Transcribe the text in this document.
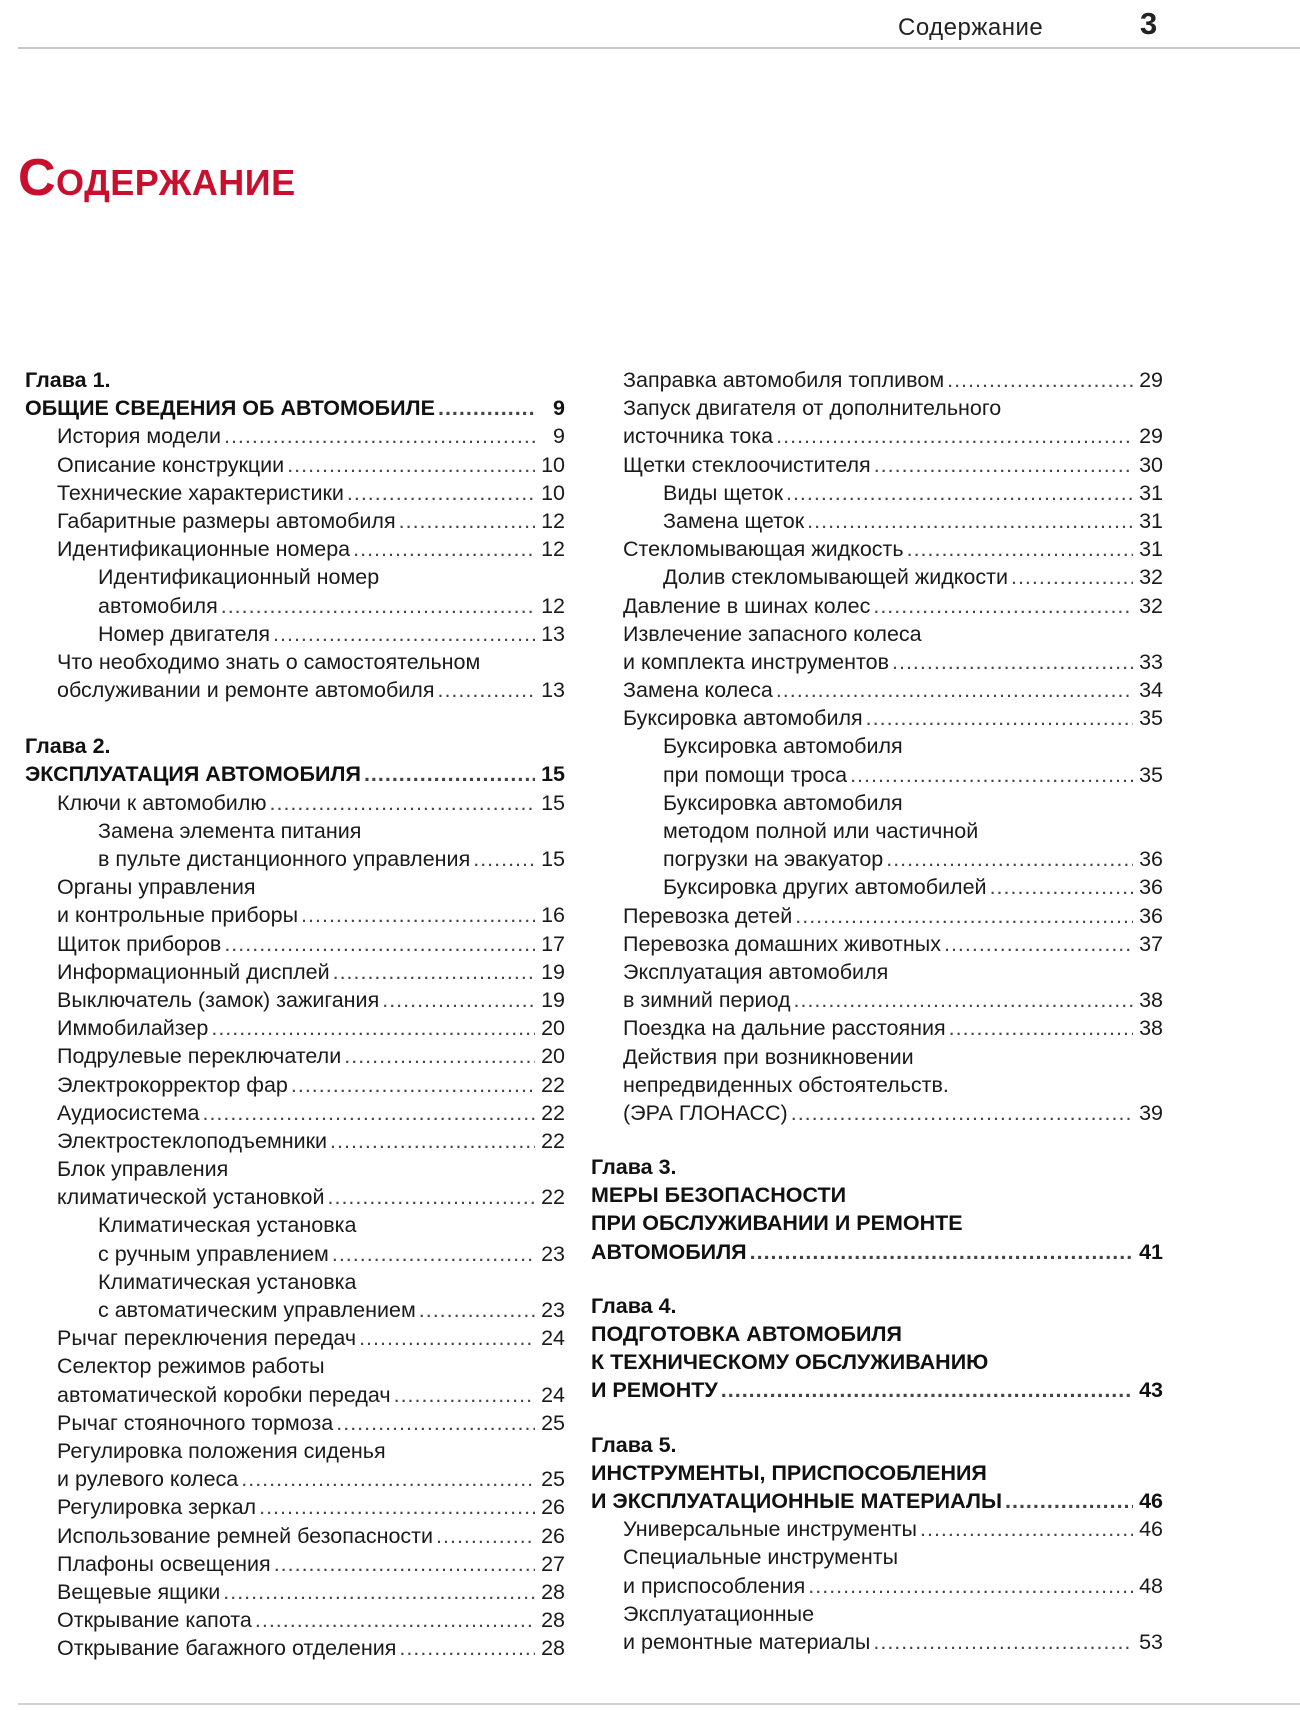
Содержание	3
Содержание
Глава 1.
ОБЩИЕ СВЕДЕНИЯ ОБ АВТОМОБИЛЕ .....	9
История модели .....	9
Описание конструкции .....	10
Технические характеристики .....	10
Габаритные размеры автомобиля .....	12
Идентификационные номера .....	12
Идентификационный номер
автомобиля .....	12
Номер двигателя .....	13
Что необходимо знать о самостоятельном
обслуживании и ремонте автомобиля .....	13
Глава 2.
ЭКСПЛУАТАЦИЯ АВТОМОБИЛЯ .....	15
Ключи к автомобилю .....	15
Замена элемента питания
в пульте дистанционного управления .....	15
Органы управления
и контрольные приборы .....	16
Щиток приборов .....	17
Информационный дисплей .....	19
Выключатель (замок) зажигания .....	19
Иммобилайзер .....	20
Подрулевые переключатели .....	20
Электрокорректор фар .....	22
Аудиосистема .....	22
Электростеклоподъемники .....	22
Блок управления
климатической установкой .....	22
Климатическая установка
с ручным управлением .....	23
Климатическая установка
с автоматическим управлением .....	23
Рычаг переключения передач .....	24
Селектор режимов работы
автоматической коробки передач .....	24
Рычаг стояночного тормоза .....	25
Регулировка положения сиденья
и рулевого колеса .....	25
Регулировка зеркал .....	26
Использование ремней безопасности .....	26
Плафоны освещения .....	27
Вещевые ящики .....	28
Открывание капота .....	28
Открывание багажного отделения .....	28
Заправка автомобиля топливом .....	29
Запуск двигателя от дополнительного
источника тока .....	29
Щетки стеклоочистителя .....	30
Виды щеток .....	31
Замена щеток .....	31
Стекломывающая жидкость .....	31
Долив стекломывающей жидкости .....	32
Давление в шинах колес .....	32
Извлечение запасного колеса
и комплекта инструментов .....	33
Замена колеса .....	34
Буксировка автомобиля .....	35
Буксировка автомобиля
при помощи троса .....	35
Буксировка автомобиля
методом полной или частичной
погрузки на эвакуатор .....	36
Буксировка других автомобилей .....	36
Перевозка детей .....	36
Перевозка домашних животных .....	37
Эксплуатация автомобиля
в зимний период .....	38
Поездка на дальние расстояния .....	38
Действия при возникновении
непредвиденных обстоятельств.
(ЭРА ГЛОНАСС) .....	39
Глава 3.
МЕРЫ БЕЗОПАСНОСТИ
ПРИ ОБСЛУЖИВАНИИ И РЕМОНТЕ
АВТОМОБИЛЯ .....	41
Глава 4.
ПОДГОТОВКА АВТОМОБИЛЯ
К ТЕХНИЧЕСКОМУ ОБСЛУЖИВАНИЮ
И РЕМОНТУ .....	43
Глава 5.
ИНСТРУМЕНТЫ, ПРИСПОСОБЛЕНИЯ
И ЭКСПЛУАТАЦИОННЫЕ МАТЕРИАЛЫ .....	46
Универсальные инструменты .....	46
Специальные инструменты
и приспособления .....	48
Эксплуатационные
и ремонтные материалы .....	53
